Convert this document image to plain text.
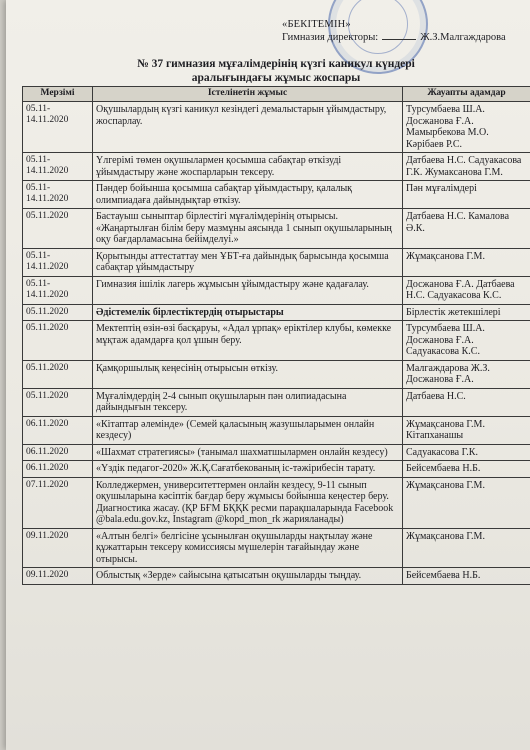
«БЕКІТЕМІН»
Гимназия директоры:	Ж.З.Малгаждарова
№ 37 гимназия мұғалімдерінің күзгі каникул күндері
аралығындағы жұмыс жоспары
Мерзімі	Істелінетін жұмыс	Жауапты адамдар
05.11-14.11.2020	Оқушылардың күзгі каникул кезіндегі демалыстарын ұйымдастыру, жоспарлау.	Турсумбаева Ш.А. Досжанова Ғ.А. Мамырбекова М.О. Кәрібаев Р.С.
05.11-14.11.2020	Үлгерімі төмен оқушылармен қосымша сабақтар өткізуді ұйымдастыру және жоспарларын тексеру.	Датбаева Н.С. Садуакасова Г.К. Жумаксанова Г.М.
05.11-14.11.2020	Пәндер бойынша қосымша сабақтар ұйымдастыру, қалалық олимпиадаға дайындықтар өткізу.	Пән мұғалімдері
05.11.2020	Бастауыш сыныптар бірлестігі мұғалімдерінің отырысы. «Жаңартылған білім беру мазмұны аясында 1 сынып оқушыларының оқу бағдарламасына бейімделуі.»	Датбаева Н.С. Камалова Ә.К.
05.11-14.11.2020	Қорытынды аттестаттау мен ҰБТ-ға дайындық барысында қосымша сабақтар ұйымдастыру	Жұмақсанова Г.М.
05.11-14.11.2020	Гимназия ішілік лагерь жұмысын ұйымдастыру және қадағалау.	Досжанова Ғ.А. Датбаева Н.С. Садуакасова К.С.
05.11.2020	Әдістемелік бірлестіктердің отырыстары	Бірлестік жетекшілері
05.11.2020	Мектептің өзін-өзі басқаруы, «Адал ұрпақ» еріктілер клубы, көмекке мұқтаж адамдарға қол ұшын беру.	Турсумбаева Ш.А. Досжанова Ғ.А. Садуакасова К.С.
05.11.2020	Қамқоршылық кеңесінің отырысын өткізу.	Малгаждарова Ж.З. Досжанова Ғ.А.
05.11.2020	Мұғалімдердің 2-4 сынып оқушыларын пән олипиадасына дайындығын тексеру.	Датбаева Н.С.
06.11.2020	«Кітаптар әлемінде» (Семей қаласының жазушыларымен онлайн кездесу)	Жұмақсанова Г.М. Кітапханашы
06.11.2020	«Шахмат стратегиясы» (танымал шахматшылармен онлайн кездесу)	Садуакасова Г.К.
06.11.2020	«Үздік педагог-2020» Ж.Қ.Сағатбекованың іс-тәжірибесін тарату.	Бейсембаева Н.Б.
07.11.2020	Колледжермен, университеттермен онлайн кездесу, 9-11 сынып оқушыларына кәсіптік бағдар беру жұмысы бойынша кеңестер беру. Диагностика жасау. (ҚР БҒМ БҚҚК ресми парақшаларында Facebook @bala.edu.gov.kz, Instagram @kopd_mon_rk жарияланады)	Жұмақсанова Г.М.
09.11.2020	«Алтын белгі» белгісіне ұсынылған оқушыларды нақтылау және құжаттарын тексеру комиссиясы мүшелерін тағайындау және отырысы.	Жұмақсанова Г.М.
09.11.2020	Облыстық «Зерде» сайысына қатысатын оқушыларды тыңдау.	Бейсембаева Н.Б.
